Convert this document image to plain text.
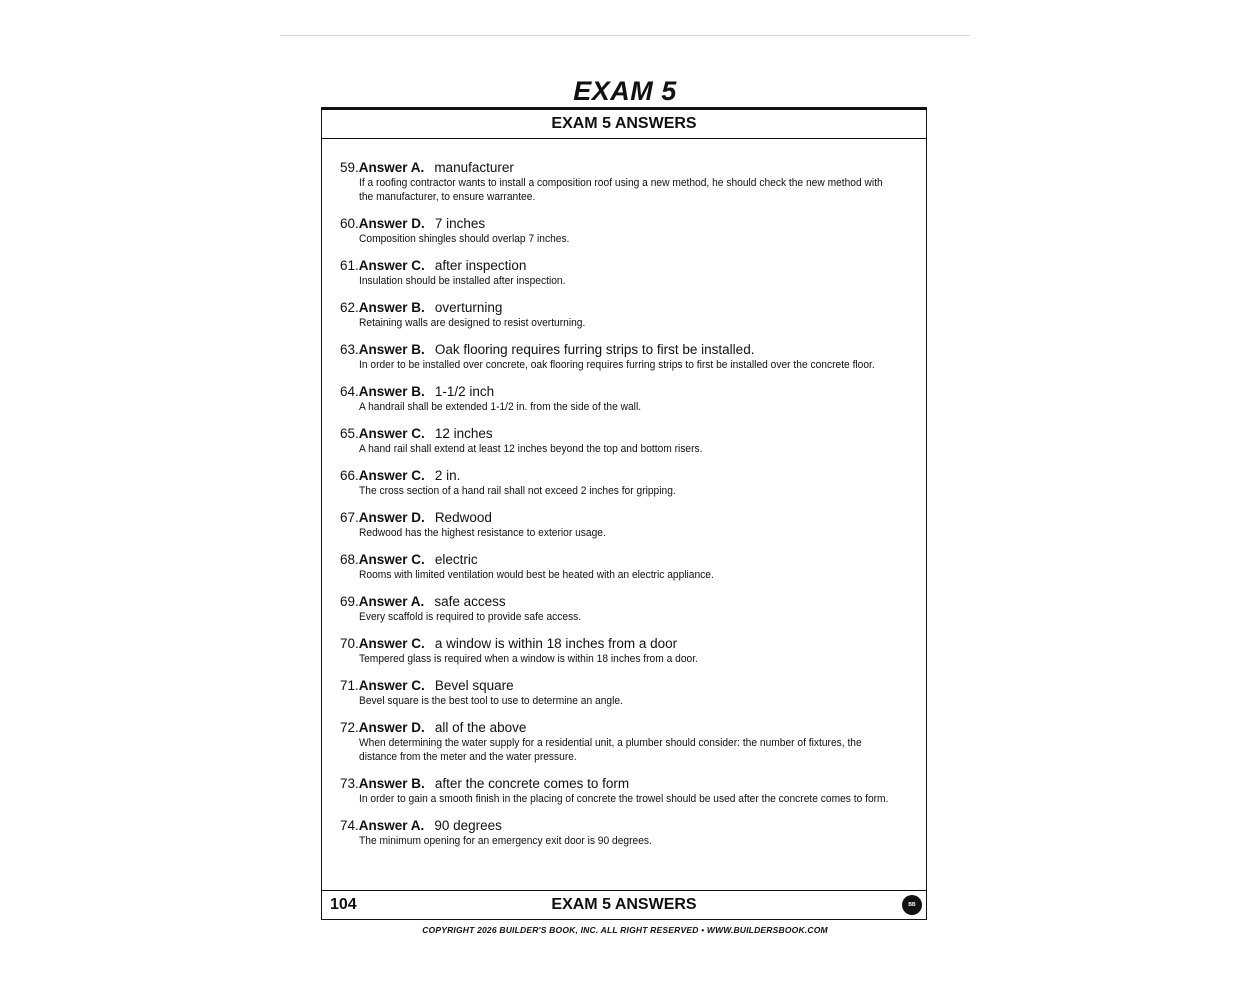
EXAM 5
EXAM 5 ANSWERS
59. Answer A. manufacturer
If a roofing contractor wants to install a composition roof using a new method, he should check the new method with the manufacturer, to ensure warrantee.
60. Answer D. 7 inches
Composition shingles should overlap 7 inches.
61. Answer C. after inspection
Insulation should be installed after inspection.
62. Answer B. overturning
Retaining walls are designed to resist overturning.
63. Answer B. Oak flooring requires furring strips to first be installed.
In order to be installed over concrete, oak flooring requires furring strips to first be installed over the concrete floor.
64. Answer B. 1-1/2 inch
A handrail shall be extended 1-1/2 in. from the side of the wall.
65. Answer C. 12 inches
A hand rail shall extend at least 12 inches beyond the top and bottom risers.
66. Answer C. 2 in.
The cross section of a hand rail shall not exceed 2 inches for gripping.
67. Answer D. Redwood
Redwood has the highest resistance to exterior usage.
68. Answer C. electric
Rooms with limited ventilation would best be heated with an electric appliance.
69. Answer A. safe access
Every scaffold is required to provide safe access.
70. Answer C. a window is within 18 inches from a door
Tempered glass is required when a window is within 18 inches from a door.
71. Answer C. Bevel square
Bevel square is the best tool to use to determine an angle.
72. Answer D. all of the above
When determining the water supply for a residential unit, a plumber should consider: the number of fixtures, the distance from the meter and the water pressure.
73. Answer B. after the concrete comes to form
In order to gain a smooth finish in the placing of concrete the trowel should be used after the concrete comes to form.
74. Answer A. 90 degrees
The minimum opening for an emergency exit door is 90 degrees.
104	EXAM 5 ANSWERS	BB
COPYRIGHT 2026 BUILDER'S BOOK, INC. ALL RIGHT RESERVED • WWW.BUILDERSBOOK.COM
